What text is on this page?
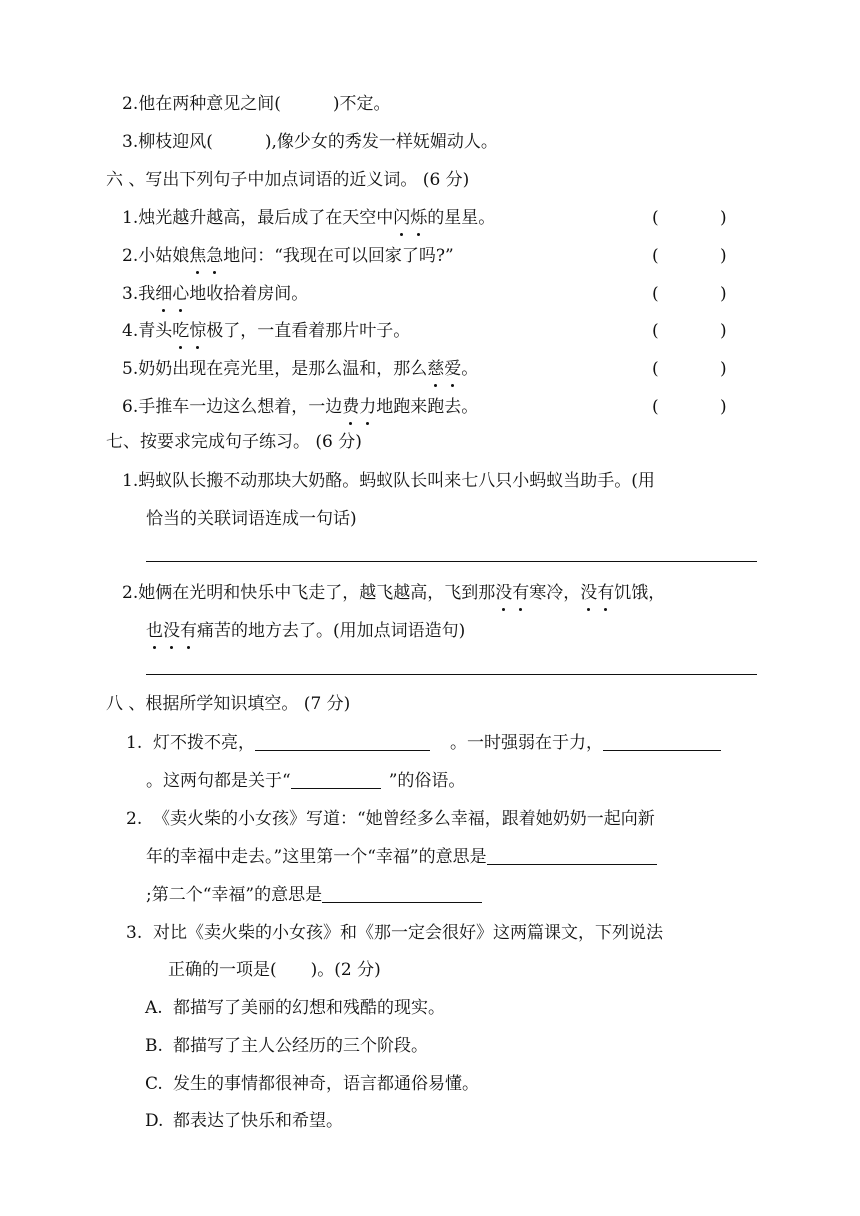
2.他在两种意见之间(	)不定。
3.柳枝迎风(	),像少女的秀发一样妩媚动人。
六 、写出下列句子中加点词语的近义词。 (6 分)
1.烛光越升越高，最后成了在天空中闪烁的星星。	(	)
2.小姑娘焦急地问：“我现在可以回家了吗?”	(	)
3.我细心地收拾着房间。	(	)
4.青头吃惊极了，一直看着那片叶子。	(	)
5.奶奶出现在亮光里，是那么温和，那么慈爱。	(	)
6.手推车一边这么想着，一边费力地跑来跑去。	(	)
七、按要求完成句子练习。 (6 分)
1.蚂蚁队长搬不动那块大奶酪。蚂蚁队长叫来七八只小蚂蚁当助手。(用
恰当的关联词语连成一句话)
2.她俩在光明和快乐中飞走了，越飞越高，飞到那没有寒冷，没有饥饿，
也没有痛苦的地方去了。(用加点词语造句)
八 、根据所学知识填空。 (7 分)
1. 灯不拨不亮，	。一时强弱在于力，
。这两句都是关于“	”的俗语。
2. 《卖火柴的小女孩》写道：“她曾经多么幸福，跟着她奶奶一起向新
年的幸福中走去。”这里第一个“幸福”的意思是
;第二个“幸福”的意思是
3. 对比《卖火柴的小女孩》和《那一定会很好》这两篇课文，下列说法
正确的一项是(　　)。(2 分)
A. 都描写了美丽的幻想和残酷的现实。
B. 都描写了主人公经历的三个阶段。
C. 发生的事情都很神奇，语言都通俗易懂。
D. 都表达了快乐和希望。
